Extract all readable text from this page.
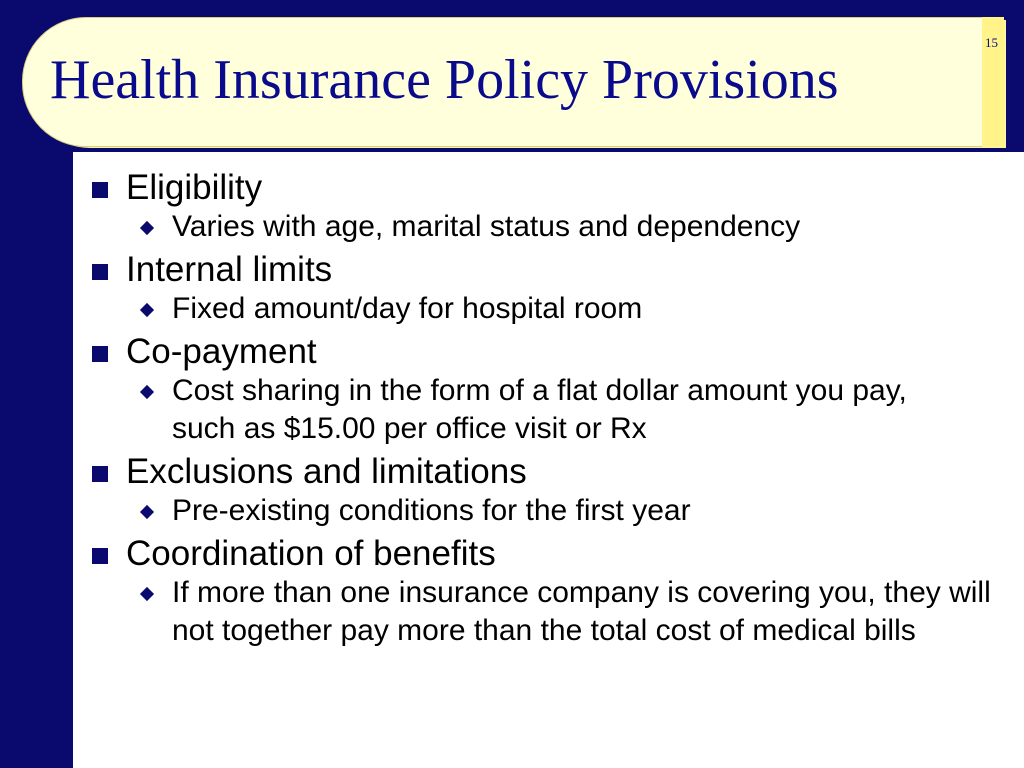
Health Insurance Policy Provisions
15
Eligibility
Varies with age, marital status and dependency
Internal limits
Fixed amount/day for hospital room
Co-payment
Cost sharing in the form of a flat dollar amount you pay, such as $15.00 per office visit or Rx
Exclusions and limitations
Pre-existing conditions for the first year
Coordination of benefits
If more than one insurance company is covering you, they will not together pay more than the total cost of medical bills
